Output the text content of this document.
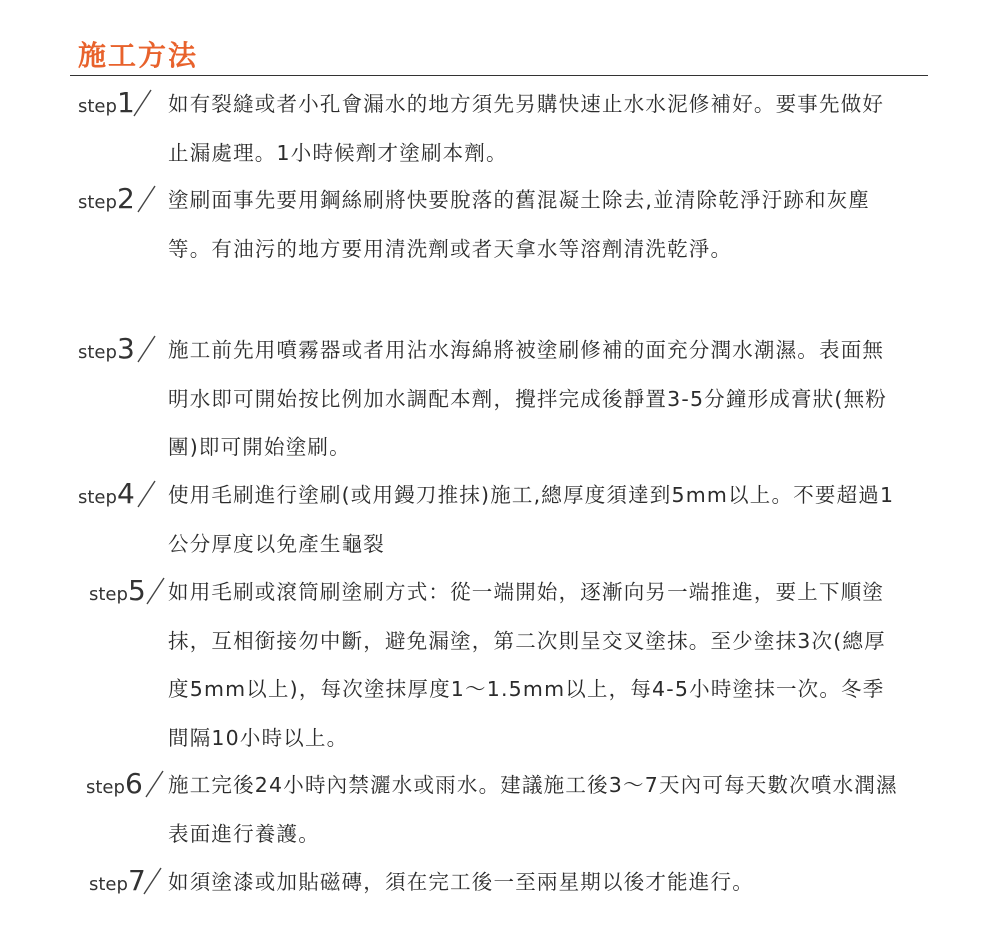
施工方法
step1 如有裂縫或者小孔會漏水的地方須先另購快速止水水泥修補好。要事先做好止漏處理。1小時候劑才塗刷本劑。

step2 塗刷面事先要用鋼絲刷將快要脫落的舊混凝土除去,並清除乾淨汙跡和灰塵等。有油污的地方要用清洗劑或者天拿水等溶劑清洗乾淨。

step3 施工前先用噴霧器或者用沾水海綿將被塗刷修補的面充分潤水潮濕。表面無明水即可開始按比例加水調配本劑，攪拌完成後靜置3-5分鐘形成膏狀(無粉團)即可開始塗刷。

step4 使用毛刷進行塗刷(或用鏝刀推抹)施工,總厚度須達到5mm以上。不要超過1公分厚度以免產生龜裂

step5 如用毛刷或滾筒刷塗刷方式：從一端開始，逐漸向另一端推進，要上下順塗抹，互相銜接勿中斷，避免漏塗，第二次則呈交叉塗抹。至少塗抹3次(總厚度5mm以上)，每次塗抹厚度1～1.5mm以上，每4-5小時塗抹一次。冬季間隔10小時以上。

step6 施工完後24小時內禁灑水或雨水。建議施工後3～7天內可每天數次噴水潤濕表面進行養護。

step7 如須塗漆或加貼磁磚，須在完工後一至兩星期以後才能進行。
